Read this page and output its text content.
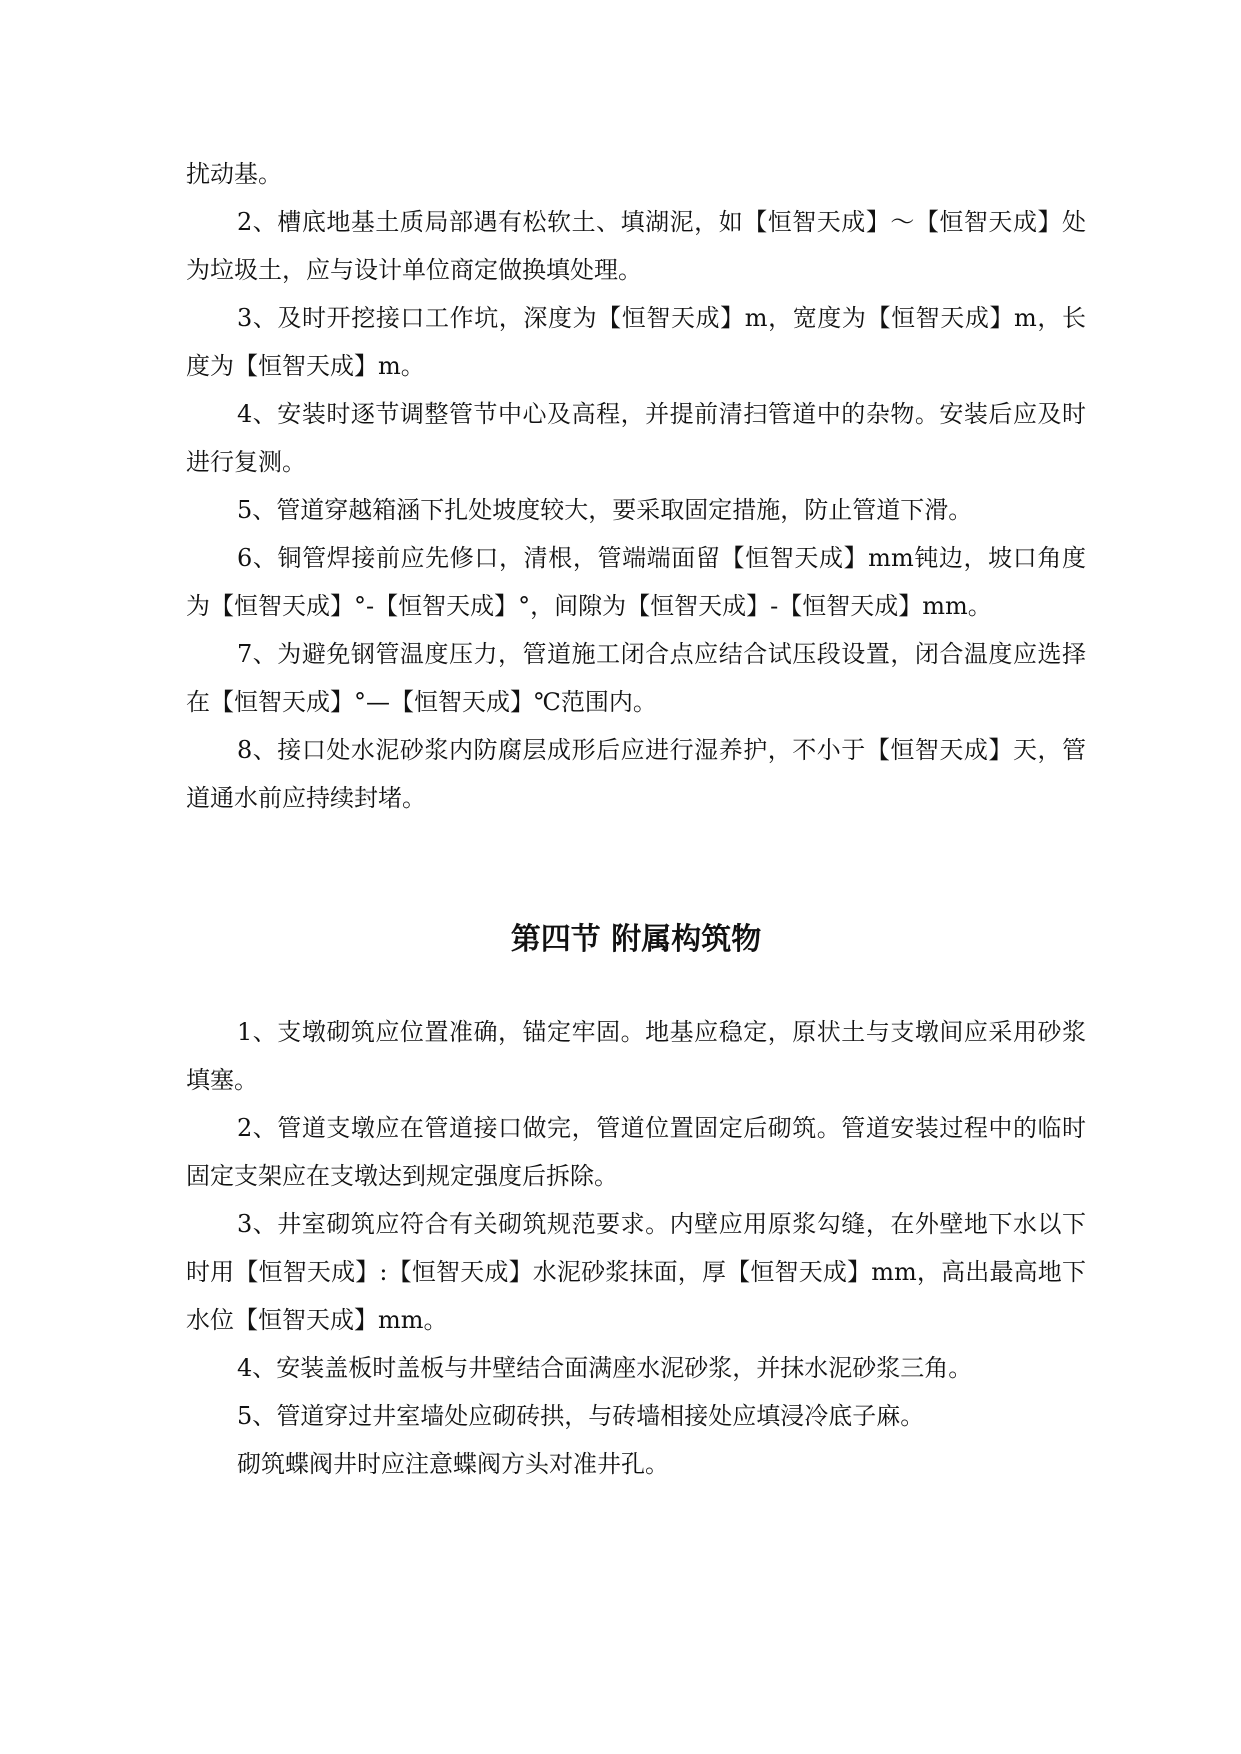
扰动基。

2、槽底地基土质局部遇有松软土、填湖泥，如【恒智天成】～【恒智天成】处为垃圾土，应与设计单位商定做换填处理。

3、及时开挖接口工作坑，深度为【恒智天成】m，宽度为【恒智天成】m，长度为【恒智天成】m。

4、安装时逐节调整管节中心及高程，并提前清扫管道中的杂物。安装后应及时进行复测。

5、管道穿越箱涵下扎处坡度较大，要采取固定措施，防止管道下滑。

6、铜管焊接前应先修口，清根，管端端面留【恒智天成】mm钝边，坡口角度为【恒智天成】°-【恒智天成】°，间隙为【恒智天成】-【恒智天成】mm。

7、为避免钢管温度压力，管道施工闭合点应结合试压段设置，闭合温度应选择在【恒智天成】°—【恒智天成】℃范围内。

8、接口处水泥砂浆内防腐层成形后应进行湿养护，不小于【恒智天成】天，管道通水前应持续封堵。

第四节 附属构筑物

1、支墩砌筑应位置准确，锚定牢固。地基应稳定，原状土与支墩间应采用砂浆填塞。

2、管道支墩应在管道接口做完，管道位置固定后砌筑。管道安装过程中的临时固定支架应在支墩达到规定强度后拆除。

3、井室砌筑应符合有关砌筑规范要求。内壁应用原浆勾缝，在外壁地下水以下时用【恒智天成】:【恒智天成】水泥砂浆抹面，厚【恒智天成】mm，高出最高地下水位【恒智天成】mm。

4、安装盖板时盖板与井壁结合面满座水泥砂浆，并抹水泥砂浆三角。

5、管道穿过井室墙处应砌砖拱，与砖墙相接处应填浸冷底子麻。

砌筑蝶阀井时应注意蝶阀方头对准井孔。
